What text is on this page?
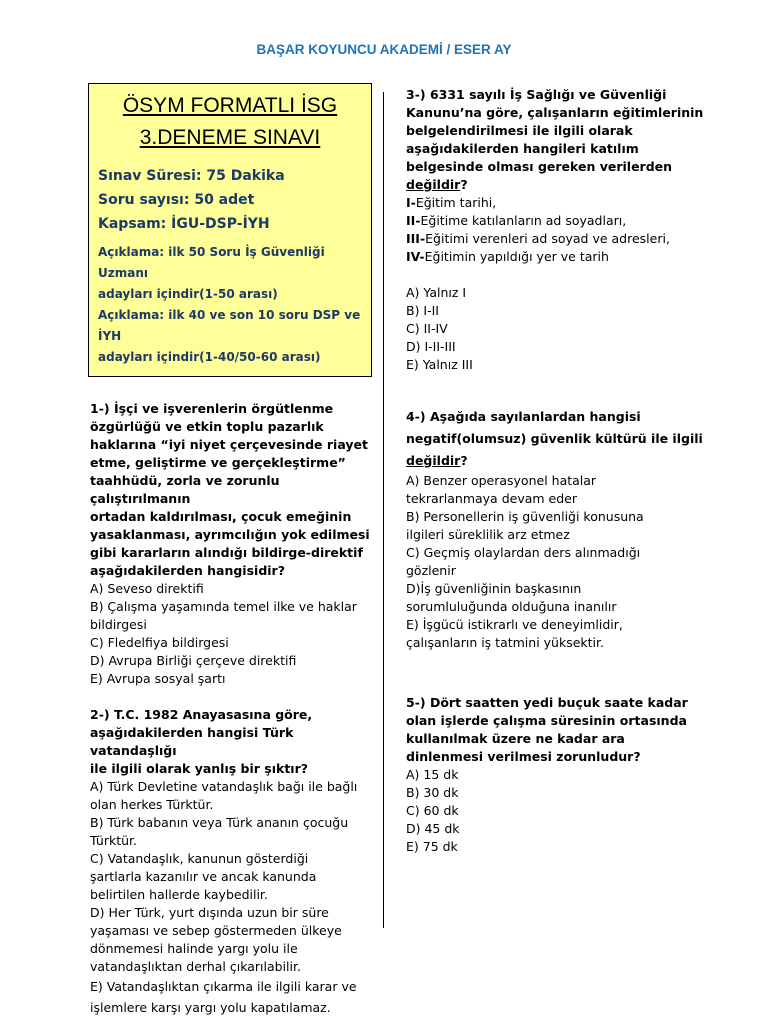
BAŞAR KOYUNCU AKADEMİ / ESER AY
ÖSYM FORMATLI İSG
3.DENEME SINAVI
Sınav Süresi: 75 Dakika
Soru sayısı: 50 adet
Kapsam: İGU-DSP-İYH
Açıklama: ilk 50 Soru İş Güvenliği Uzmanı
adayları içindir(1-50 arası)
Açıklama: ilk 40 ve son 10 soru DSP ve İYH
adayları içindir(1-40/50-60 arası)
1-) İşçi ve işverenlerin örgütlenme
özgürlüğü ve etkin toplu pazarlık
haklarına “iyi niyet çerçevesinde riayet
etme, geliştirme ve gerçekleştirme”
taahhüdü, zorla ve zorunlu çalıştırılmanın
ortadan kaldırılması, çocuk emeğinin
yasaklanması, ayrımcılığın yok edilmesi
gibi kararların alındığı bildirge-direktif
aşağıdakilerden hangisidir?
A) Seveso direktifi
B) Çalışma yaşamında temel ilke ve haklar
bildirgesi
C) Fledelfiya bildirgesi
D) Avrupa Birliği çerçeve direktifi
E) Avrupa sosyal şartı
2-) T.C. 1982 Anayasasına göre,
aşağıdakilerden hangisi Türk vatandaşlığı
ile ilgili olarak yanlış bir şıktır?
A) Türk Devletine vatandaşlık bağı ile bağlı
olan herkes Türktür.
B) Türk babanın veya Türk ananın çocuğu
Türktür.
C) Vatandaşlık, kanunun gösterdiği
şartlarla kazanılır ve ancak kanunda
belirtilen hallerde kaybedilir.
D) Her Türk, yurt dışında uzun bir süre
yaşaması ve sebep göstermeden ülkeye
dönmemesi halinde yargı yolu ile
vatandaşlıktan derhal çıkarılabilir.
E) Vatandaşlıktan çıkarma ile ilgili karar ve
işlemlere karşı yargı yolu kapatılamaz.
3-) 6331 sayılı İş Sağlığı ve Güvenliği
Kanunu’na göre, çalışanların eğitimlerinin
belgelendirilmesi ile ilgili olarak
aşağıdakilerden hangileri katılım
belgesinde olması gereken verilerden
değildir?
I-Eğitim tarihi,
II-Eğitime katılanların ad soyadları,
III-Eğitimi verenleri ad soyad ve adresleri,
IV-Eğitimin yapıldığı yer ve tarih
A) Yalnız I
B) I-II
C) II-IV
D) I-II-III
E) Yalnız III
4-) Aşağıda sayılanlardan hangisi
negatif(olumsuz) güvenlik kültürü ile ilgili
değildir?
A) Benzer operasyonel hatalar
tekrarlanmaya devam eder
B) Personellerin iş güvenliği konusuna
ilgileri süreklilik arz etmez
C) Geçmiş olaylardan ders alınmadığı
gözlenir
D)İş güvenliğinin başkasının
sorumluluğunda olduğuna inanılır
E) İşgücü istikrarlı ve deneyimlidir,
çalışanların iş tatmini yüksektir.
5-) Dört saatten yedi buçuk saate kadar
olan işlerde çalışma süresinin ortasında
kullanılmak üzere ne kadar ara
dinlenmesi verilmesi zorunludur?
A) 15 dk
B) 30 dk
C) 60 dk
D) 45 dk
E) 75 dk
